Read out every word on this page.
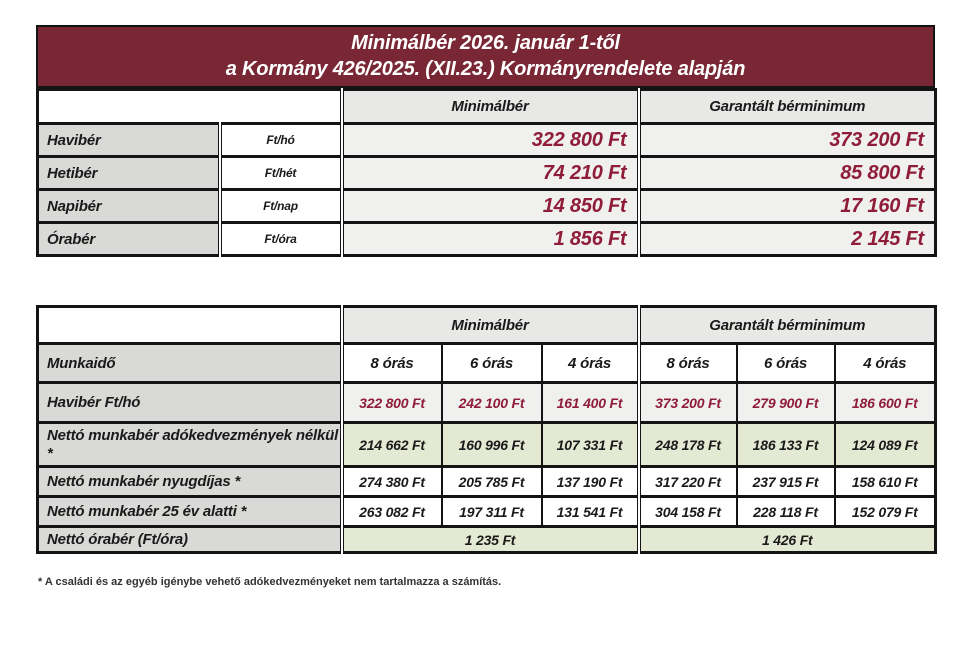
Minimálbér 2026. január 1-től
a Kormány 426/2025. (XII.23.) Kormányrendelete alapján
		Minimálbér	Garantált bérminimum
Havibér	Ft/hó	322 800 Ft	373 200 Ft
Hetibér	Ft/hét	74 210 Ft	85 800 Ft
Napibér	Ft/nap	14 850 Ft	17 160 Ft
Órabér	Ft/óra	1 856 Ft	2 145 Ft
	Minimálbér			Garantált bérminimum		
Munkaidő	8 órás	6 órás	4 órás	8 órás	6 órás	4 órás
Havibér Ft/hó	322 800 Ft	242 100 Ft	161 400 Ft	373 200 Ft	279 900 Ft	186 600 Ft
Nettó munkabér adókedvezmények nélkül *	214 662 Ft	160 996 Ft	107 331 Ft	248 178 Ft	186 133 Ft	124 089 Ft
Nettó munkabér nyugdíjas *	274 380 Ft	205 785 Ft	137 190 Ft	317 220 Ft	237 915 Ft	158 610 Ft
Nettó munkabér 25 év alatti *	263 082 Ft	197 311 Ft	131 541 Ft	304 158 Ft	228 118 Ft	152 079 Ft
Nettó órabér (Ft/óra)	1 235 Ft			1 426 Ft		
* A családi és az egyéb igénybe vehető adókedvezményeket nem tartalmazza a számítás.
